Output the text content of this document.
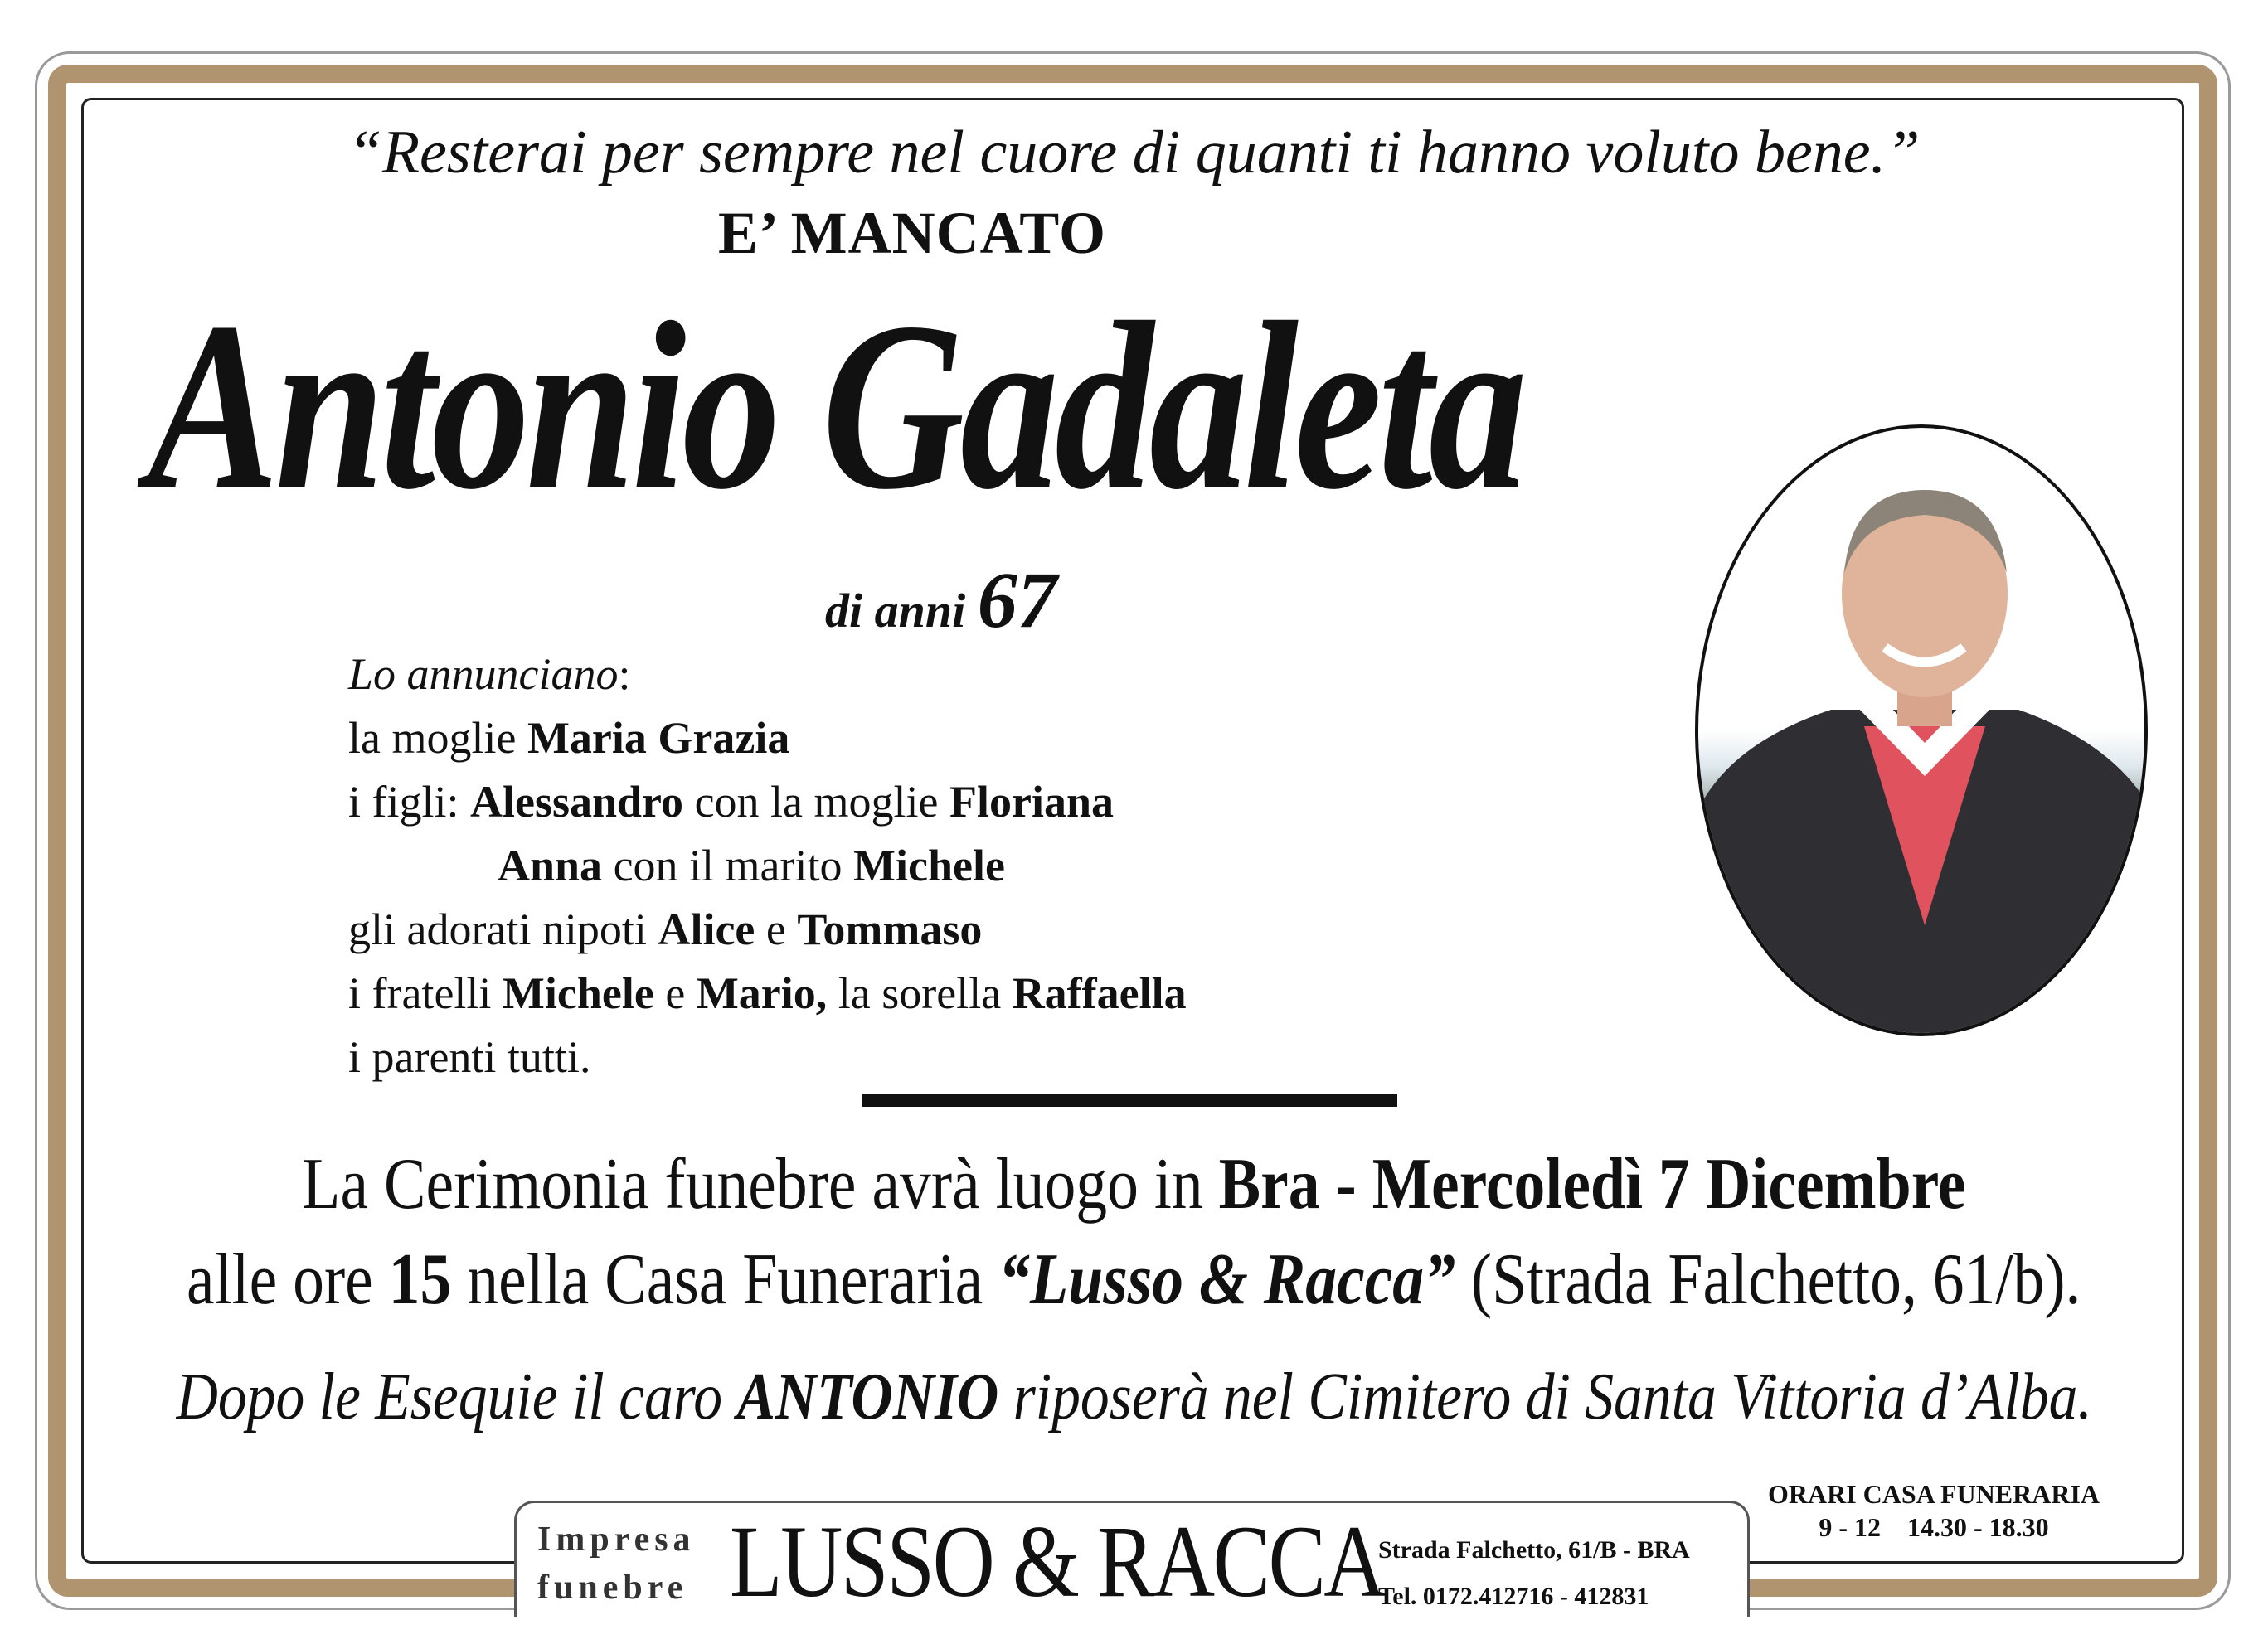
“Resterai per sempre nel cuore di quanti ti hanno voluto bene.”
E’ MANCATO
Antonio Gadaleta
di anni 67
Lo annunciano:
la moglie Maria Grazia
i figli: Alessandro con la moglie Floriana
Anna con il marito Michele
gli adorati nipoti Alice e Tommaso
i fratelli Michele e Mario, la sorella Raffaella
i parenti tutti.
La Cerimonia funebre avrà luogo in Bra - Mercoledì 7 Dicembre
alle ore 15 nella Casa Funeraria “Lusso & Racca” (Strada Falchetto, 61/b).
Dopo le Esequie il caro ANTONIO riposerà nel Cimitero di Santa Vittoria d’Alba.
ORARI CASA FUNERARIA
9 - 12    14.30 - 18.30
Impresa
funebre LUSSO & RACCA
Strada Falchetto, 61/B - BRA
Tel. 0172.412716 - 412831
